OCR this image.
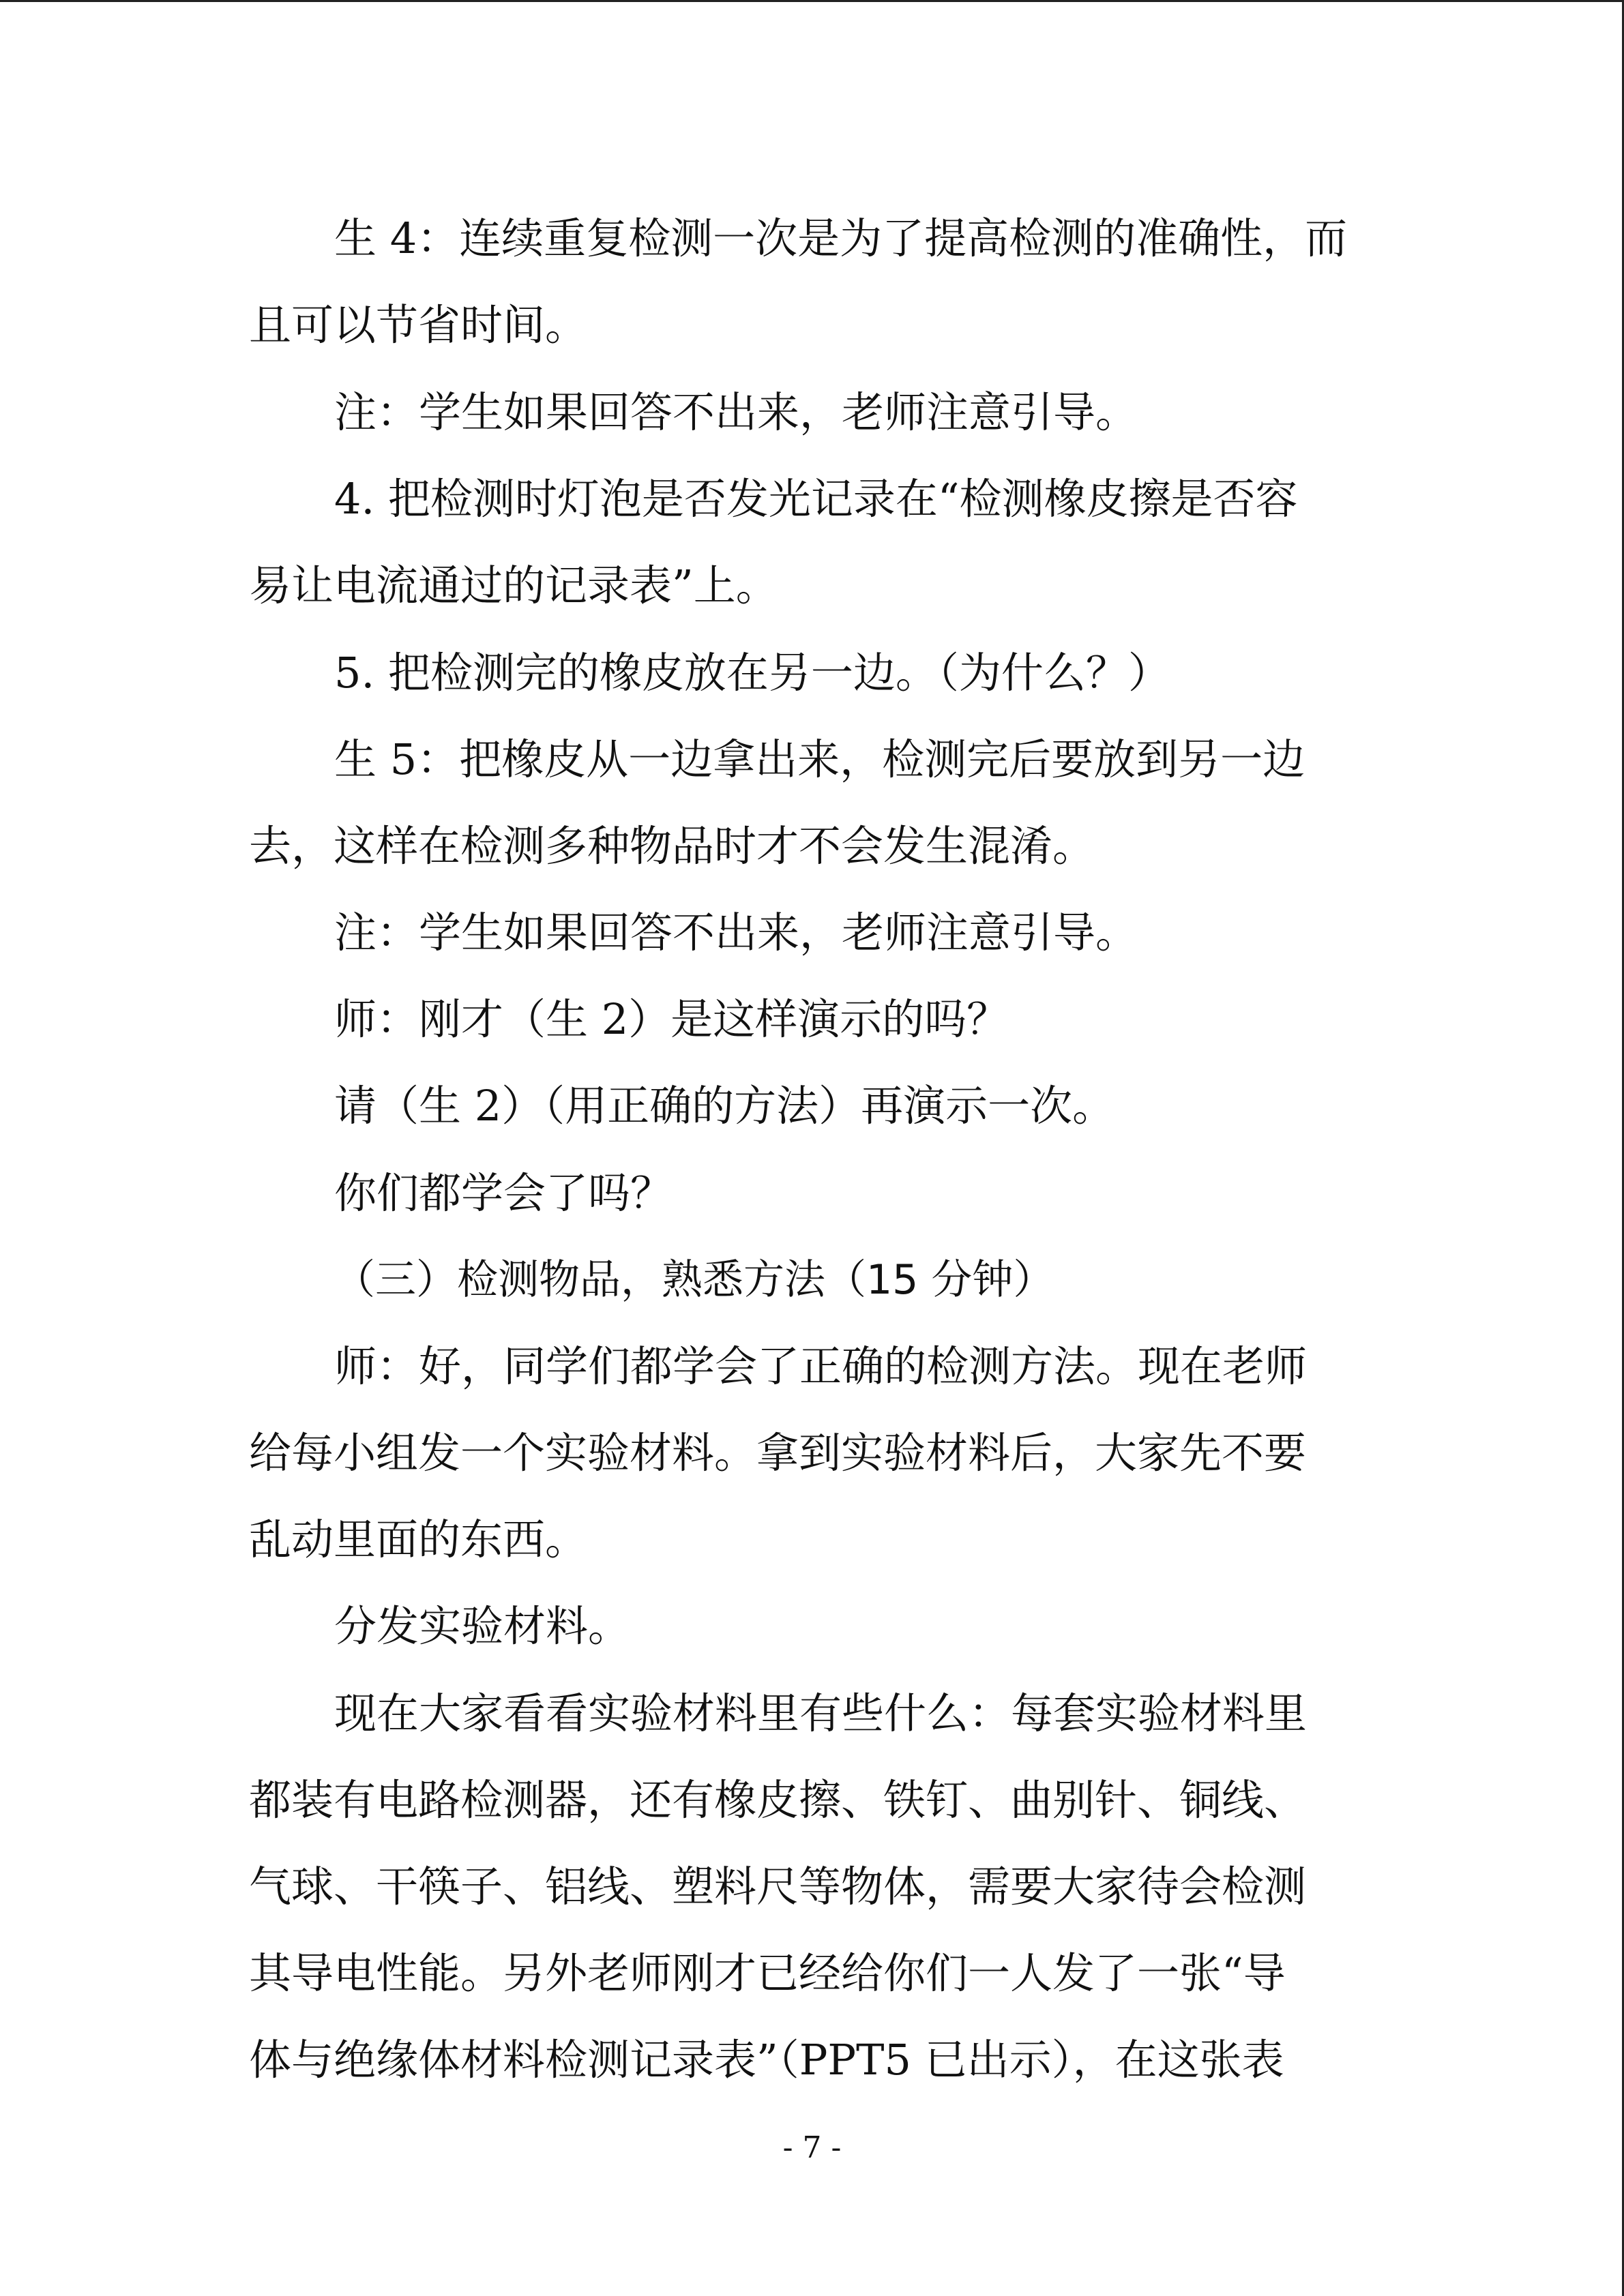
生 4：连续重复检测一次是为了提高检测的准确性，而
且可以节省时间。
注：学生如果回答不出来，老师注意引导。
4. 把检测时灯泡是否发光记录在“检测橡皮擦是否容
易让电流通过的记录表”上。
5. 把检测完的橡皮放在另一边。（为什么？）
生 5：把橡皮从一边拿出来，检测完后要放到另一边
去，这样在检测多种物品时才不会发生混淆。
注：学生如果回答不出来，老师注意引导。
师：刚才（生 2）是这样演示的吗？
请（生 2）（用正确的方法）再演示一次。
你们都学会了吗？
（三）检测物品，熟悉方法（15 分钟）
师：好，同学们都学会了正确的检测方法。现在老师
给每小组发一个实验材料。拿到实验材料后，大家先不要
乱动里面的东西。
分发实验材料。
现在大家看看实验材料里有些什么：每套实验材料里
都装有电路检测器，还有橡皮擦、铁钉、曲别针、铜线、
气球、干筷子、铝线、塑料尺等物体，需要大家待会检测
其导电性能。另外老师刚才已经给你们一人发了一张“导
体与绝缘体材料检测记录表”（PPT5 已出示），在这张表
- 7 -
